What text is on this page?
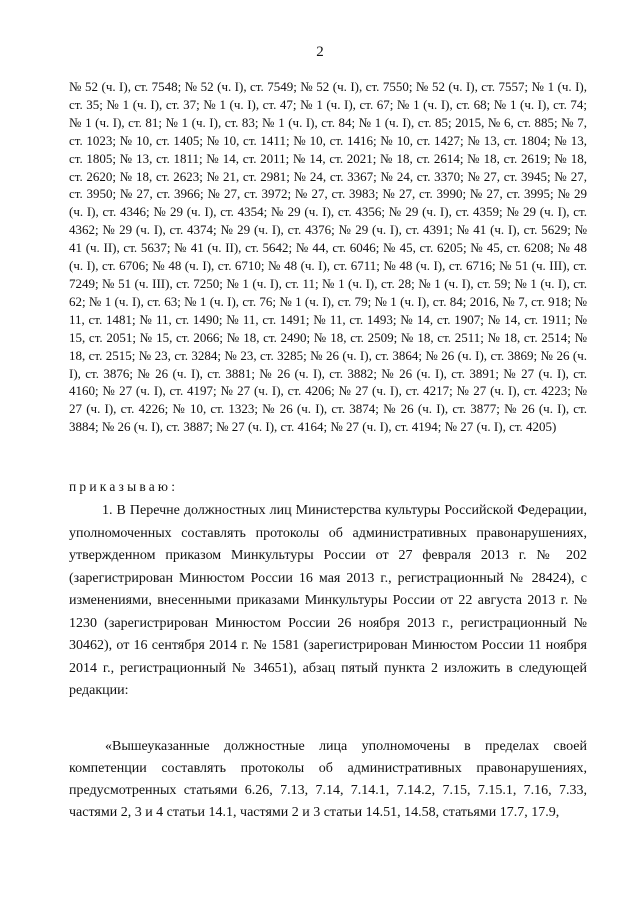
2
№ 52 (ч. I), ст. 7548; № 52 (ч. I), ст. 7549; № 52 (ч. I), ст. 7550; № 52 (ч. I), ст. 7557; № 1 (ч. I), ст. 35; № 1 (ч. I), ст. 37; № 1 (ч. I), ст. 47; № 1 (ч. I), ст. 67; № 1 (ч. I), ст. 68; № 1 (ч. I), ст. 74; № 1 (ч. I), ст. 81; № 1 (ч. I), ст. 83; № 1 (ч. I), ст. 84; № 1 (ч. I), ст. 85; 2015, № 6, ст. 885; № 7, ст. 1023; № 10, ст. 1405; № 10, ст. 1411; № 10, ст. 1416; № 10, ст. 1427; № 13, ст. 1804; № 13, ст. 1805; № 13, ст. 1811; № 14, ст. 2011; № 14, ст. 2021; № 18, ст. 2614; № 18, ст. 2619; № 18, ст. 2620; № 18, ст. 2623; № 21, ст. 2981; № 24, ст. 3367; № 24, ст. 3370; № 27, ст. 3945; № 27, ст. 3950; № 27, ст. 3966; № 27, ст. 3972; № 27, ст. 3983; № 27, ст. 3990; № 27, ст. 3995; № 29 (ч. I), ст. 4346; № 29 (ч. I), ст. 4354; № 29 (ч. I), ст. 4356; № 29 (ч. I), ст. 4359; № 29 (ч. I), ст. 4362; № 29 (ч. I), ст. 4374; № 29 (ч. I), ст. 4376; № 29 (ч. I), ст. 4391; № 41 (ч. I), ст. 5629; № 41 (ч. II), ст. 5637; № 41 (ч. II), ст. 5642; № 44, ст. 6046; № 45, ст. 6205; № 45, ст. 6208; № 48 (ч. I), ст. 6706; № 48 (ч. I), ст. 6710; № 48 (ч. I), ст. 6711; № 48 (ч. I), ст. 6716; № 51 (ч. III), ст. 7249; № 51 (ч. III), ст. 7250; № 1 (ч. I), ст. 11; № 1 (ч. I), ст. 28; № 1 (ч. I), ст. 59; № 1 (ч. I), ст. 62; № 1 (ч. I), ст. 63; № 1 (ч. I), ст. 76; № 1 (ч. I), ст. 79; № 1 (ч. I), ст. 84; 2016, № 7, ст. 918; № 11, ст. 1481; № 11, ст. 1490; № 11, ст. 1491; № 11, ст. 1493; № 14, ст. 1907; № 14, ст. 1911; № 15, ст. 2051; № 15, ст. 2066; № 18, ст. 2490; № 18, ст. 2509; № 18, ст. 2511; № 18, ст. 2514; № 18, ст. 2515; № 23, ст. 3284; № 23, ст. 3285; № 26 (ч. I), ст. 3864; № 26 (ч. I), ст. 3869; № 26 (ч. I), ст. 3876; № 26 (ч. I), ст. 3881; № 26 (ч. I), ст. 3882; № 26 (ч. I), ст. 3891; № 27 (ч. I), ст. 4160; № 27 (ч. I), ст. 4197; № 27 (ч. I), ст. 4206; № 27 (ч. I), ст. 4217; № 27 (ч. I), ст. 4223; № 27 (ч. I), ст. 4226; № 10, ст. 1323; № 26 (ч. I), ст. 3874; № 26 (ч. I), ст. 3877; № 26 (ч. I), ст. 3884; № 26 (ч. I), ст. 3887; № 27 (ч. I), ст. 4164; № 27 (ч. I), ст. 4194; № 27 (ч. I), ст. 4205)
приказываю:
1. В Перечне должностных лиц Министерства культуры Российской Федерации, уполномоченных составлять протоколы об административных правонарушениях, утвержденном приказом Минкультуры России от 27 февраля 2013 г. № 202 (зарегистрирован Минюстом России 16 мая 2013 г., регистрационный № 28424), с изменениями, внесенными приказами Минкультуры России от 22 августа 2013 г. № 1230 (зарегистрирован Минюстом России 26 ноября 2013 г., регистрационный № 30462), от 16 сентября 2014 г. № 1581 (зарегистрирован Минюстом России 11 ноября 2014 г., регистрационный № 34651), абзац пятый пункта 2 изложить в следующей редакции:
«Вышеуказанные должностные лица уполномочены в пределах своей компетенции составлять протоколы об административных правонарушениях, предусмотренных статьями 6.26, 7.13, 7.14, 7.14.1, 7.14.2, 7.15, 7.15.1, 7.16, 7.33, частями 2, 3 и 4 статьи 14.1, частями 2 и 3 статьи 14.51, 14.58, статьями 17.7, 17.9,
